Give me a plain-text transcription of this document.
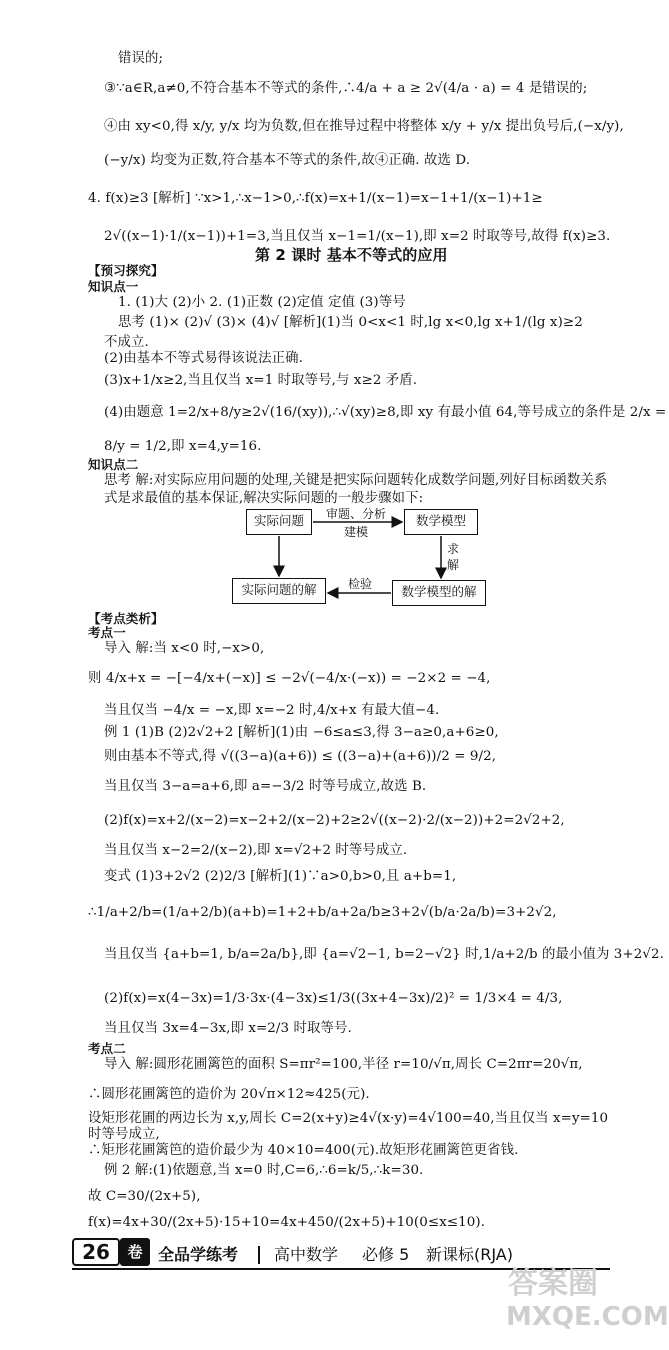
错误的;
③∵a∈R,a≠0,不符合基本不等式的条件,∴4/a + a ≥ 2√(4/a · a) = 4 是错误的;
④由 xy<0,得 x/y, y/x 均为负数,但在推导过程中将整体 x/y + y/x 提出负号后,(−x/y),
(−y/x) 均变为正数,符合基本不等式的条件,故④正确. 故选 D.
4. f(x)≥3 [解析] ∵x>1,∴x−1>0,∴f(x)=x+1/(x−1)=x−1+1/(x−1)+1≥
2√((x−1)·1/(x−1))+1=3,当且仅当 x−1=1/(x−1),即 x=2 时取等号,故得 f(x)≥3.
第 2 课时 基本不等式的应用
【预习探究】
知识点一
1. (1)大 (2)小 2. (1)正数 (2)定值 定值 (3)等号
思考 (1)× (2)√ (3)× (4)√ [解析](1)当 0<x<1 时,lg x<0,lg x+1/(lg x)≥2
不成立.
(2)由基本不等式易得该说法正确.
(3)x+1/x≥2,当且仅当 x=1 时取等号,与 x≥2 矛盾.
(4)由题意 1=2/x+8/y≥2√(16/(xy)),∴√(xy)≥8,即 xy 有最小值 64,等号成立的条件是 2/x =
8/y = 1/2,即 x=4,y=16.
知识点二
思考 解:对实际应用问题的处理,关键是把实际问题转化成数学问题,列好目标函数关系
式是求最值的基本保证,解决实际问题的一般步骤如下:
实际问题	数学模型
实际问题的解	数学模型的解
审题、分析
建模
求
解
检验
【考点类析】
考点一
导入 解:当 x<0 时,−x>0,
则 4/x+x = −[−4/x+(−x)] ≤ −2√(−4/x·(−x)) = −2×2 = −4,
当且仅当 −4/x = −x,即 x=−2 时,4/x+x 有最大值−4.
例 1 (1)B (2)2√2+2 [解析](1)由 −6≤a≤3,得 3−a≥0,a+6≥0,
则由基本不等式,得 √((3−a)(a+6)) ≤ ((3−a)+(a+6))/2 = 9/2,
当且仅当 3−a=a+6,即 a=−3/2 时等号成立,故选 B.
(2)f(x)=x+2/(x−2)=x−2+2/(x−2)+2≥2√((x−2)·2/(x−2))+2=2√2+2,
当且仅当 x−2=2/(x−2),即 x=√2+2 时等号成立.
变式 (1)3+2√2 (2)2/3 [解析](1)∵a>0,b>0,且 a+b=1,
∴1/a+2/b=(1/a+2/b)(a+b)=1+2+b/a+2a/b≥3+2√(b/a·2a/b)=3+2√2,
当且仅当 {a+b=1, b/a=2a/b},即 {a=√2−1, b=2−√2} 时,1/a+2/b 的最小值为 3+2√2.
(2)f(x)=x(4−3x)=1/3·3x·(4−3x)≤1/3((3x+4−3x)/2)² = 1/3×4 = 4/3,
当且仅当 3x=4−3x,即 x=2/3 时取等号.
考点二
导入 解:圆形花圃篱笆的面积 S=πr²=100,半径 r=10/√π,周长 C=2πr=20√π,
∴圆形花圃篱笆的造价为 20√π×12≈425(元).
设矩形花圃的两边长为 x,y,周长 C=2(x+y)≥4√(x·y)=4√100=40,当且仅当 x=y=10
时等号成立,
∴矩形花圃篱笆的造价最少为 40×10=400(元).故矩形花圃篱笆更省钱.
例 2 解:(1)依题意,当 x=0 时,C=6,∴6=k/5,∴k=30.
故 C=30/(2x+5),
f(x)=4x+30/(2x+5)·15+10=4x+450/(2x+5)+10(0≤x≤10).
26	卷 全品学练考 高中数学 必修 5 新课标(RJA)
答案圈
MXQE.COM
